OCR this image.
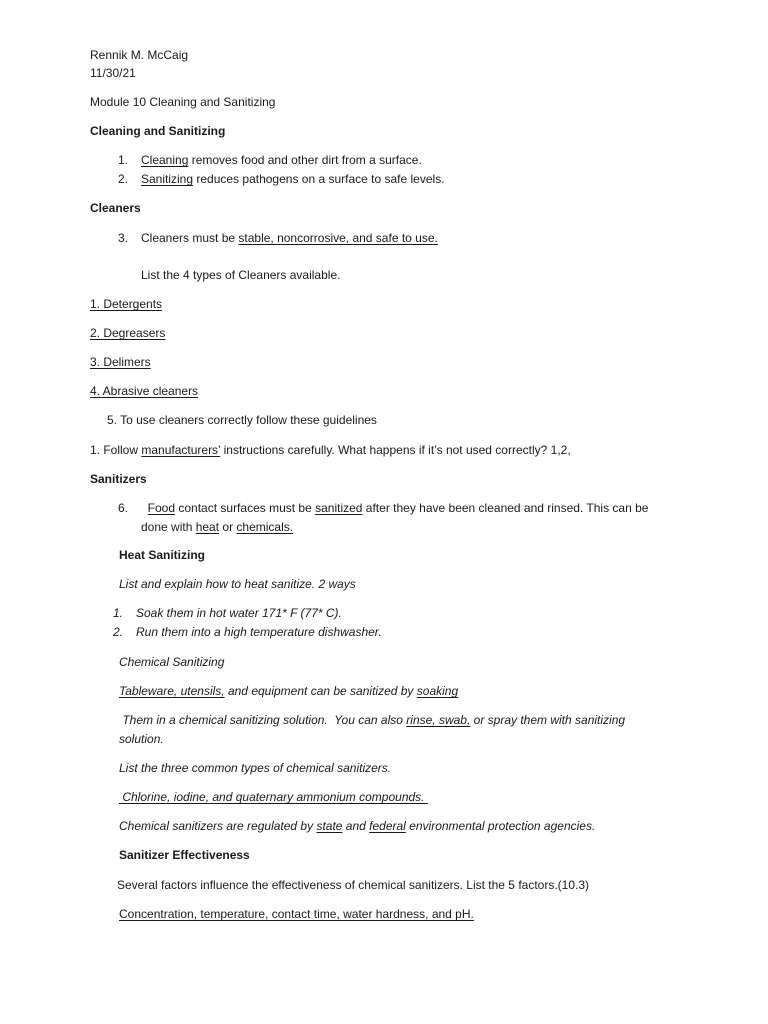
Rennik M. McCaig
11/30/21
Module 10 Cleaning and Sanitizing
Cleaning and Sanitizing
1. Cleaning removes food and other dirt from a surface.
2. Sanitizing reduces pathogens on a surface to safe levels.
Cleaners
3. Cleaners must be stable, noncorrosive, and safe to use.
List the 4 types of Cleaners available.
1. Detergents
2. Degreasers
3. Delimers
4. Abrasive cleaners
5. To use cleaners correctly follow these guidelines
1. Follow manufacturers’ instructions carefully. What happens if it’s not used correctly? 1,2,
Sanitizers
6.	Food contact surfaces must be sanitized after they have been cleaned and rinsed. This can be
done with heat or chemicals.
Heat Sanitizing
List and explain how to heat sanitize. 2 ways
1. Soak them in hot water 171* F (77* C).
2. Run them into a high temperature dishwasher.
Chemical Sanitizing
Tableware, utensils, and equipment can be sanitized by soaking
Them in a chemical sanitizing solution.  You can also rinse, swab, or spray them with sanitizing
solution.
List the three common types of chemical sanitizers.
Chlorine, iodine, and quaternary ammonium compounds.
Chemical sanitizers are regulated by state and federal environmental protection agencies.
Sanitizer Effectiveness
Several factors influence the effectiveness of chemical sanitizers. List the 5 factors.(10.3)
Concentration, temperature, contact time, water hardness, and pH.
